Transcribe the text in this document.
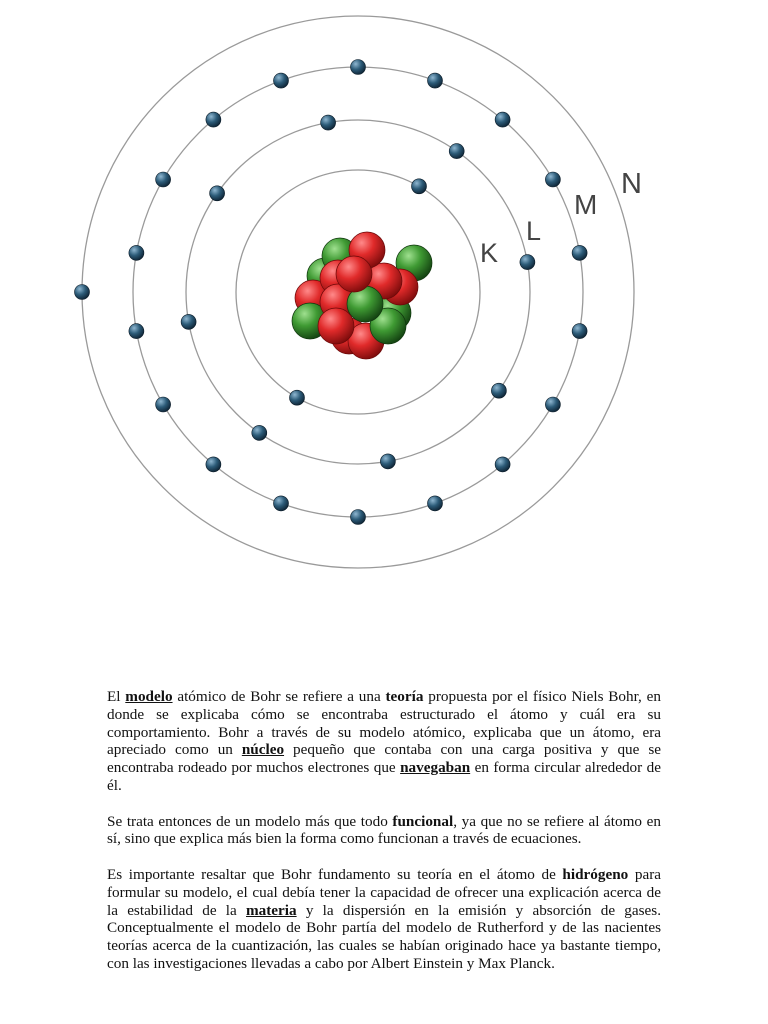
K
L
M
N

El modelo atómico de Bohr se refiere a una teoría propuesta por el físico Niels Bohr, en donde se explicaba cómo se encontraba estructurado el átomo y cuál era su comportamiento. Bohr a través de su modelo atómico, explicaba que un átomo, era apreciado como un núcleo pequeño que contaba con una carga positiva y que se encontraba rodeado por muchos electrones que navegaban en forma circular alrededor de él.

Se trata entonces de un modelo más que todo funcional, ya que no se refiere al átomo en sí, sino que explica más bien la forma como funcionan a través de ecuaciones.

Es importante resaltar que Bohr fundamento su teoría en el átomo de hidrógeno para formular su modelo, el cual debía tener la capacidad de ofrecer una explicación acerca de la estabilidad de la materia y la dispersión en la emisión y absorción de gases. Conceptualmente el modelo de Bohr partía del modelo de Rutherford y de las nacientes teorías acerca de la cuantización, las cuales se habían originado hace ya bastante tiempo, con las investigaciones llevadas a cabo por Albert Einstein y Max Planck.
